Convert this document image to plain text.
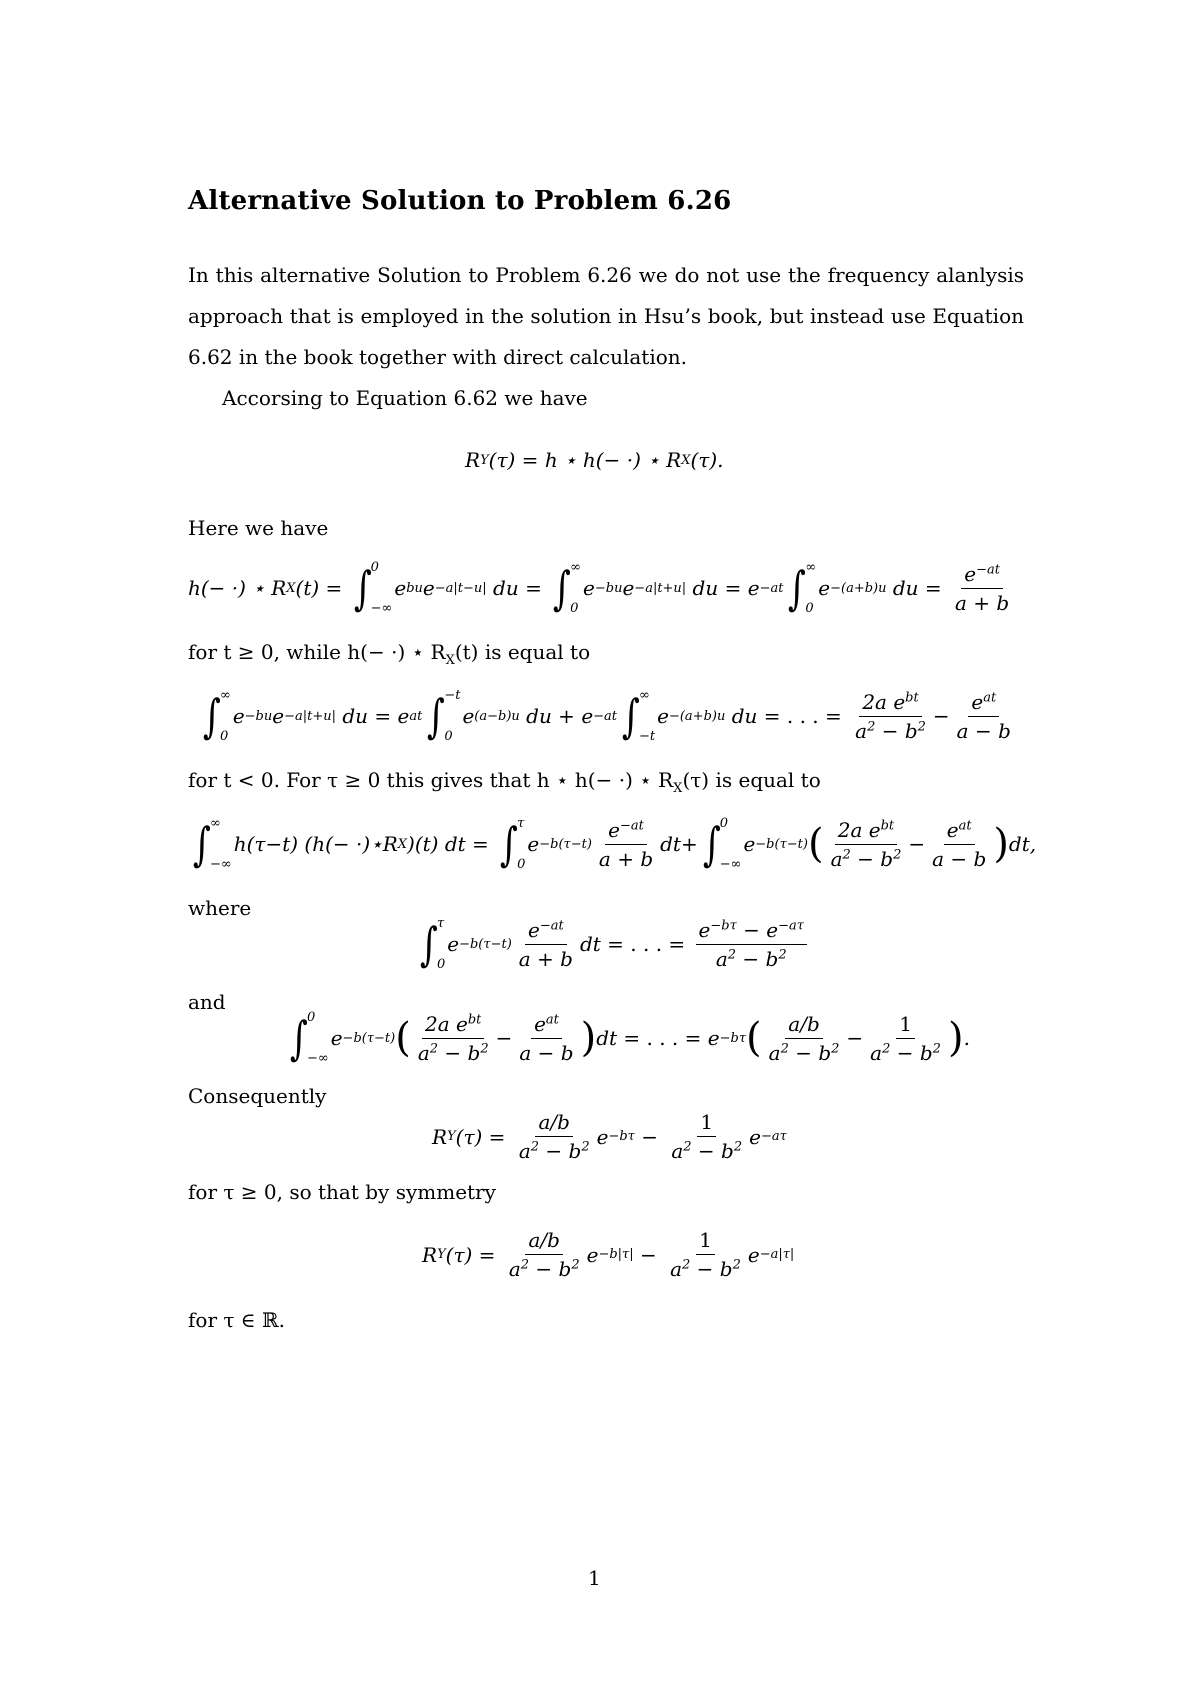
Alternative Solution to Problem 6.26
In this alternative Solution to Problem 6.26 we do not use the frequency alanlysis approach that is employed in the solution in Hsu’s book, but instead use Equation 6.62 in the book together with direct calculation.
Accorsing to Equation 6.62 we have
R Y (τ) = h ⋆ h(− ·) ⋆ R X (τ).

Here we have

h(− ·) ⋆ R X (t) = ∫
0
−∞
e bu e −a|t−u| du = ∫
∞
0
e −bu e −a|t+u| du = e −at ∫
∞
0
e −(a+b)u du = $\frac{e^{-at}}{a + b}$

for t ≥ 0, while h(− ·) ⋆ $R_X(t)$ is equal to

∫
∞
0
e −bu e −a|t+u| du = e at ∫
−t
0
e (a−b)u du + e −at ∫
∞
−t
e −(a+b)u du = . . . = $\frac{2a e^{bt}}{a^2 - b^2} - \frac{e^{at}}{a - b}$

for t < 0. For τ ≥ 0 this gives that h ⋆ h(− ·) ⋆ $R_X(\tau)$ is equal to

∫
∞
−∞
h(τ−t) (h(− ·)⋆R X )(t) dt = ∫
τ
0
$e -b(\tau-t) \frac{e^{-at}}{a + b}$ dt + ∫
0
−∞
e −b(τ−t) ( $\frac{2a e^{bt}}{a^2 - b^2} - \frac{e^{at}}{a - b}$ ) dt,

where

∫
τ
0
$e -b(\tau-t) \frac{e^{-at}}{a + b}$ dt = . . . = $\frac{e^{-b\tau} - e^{-a\tau}}{a^2 - b^2}$

and

∫
0
−∞
e −b(τ−t) ( $\frac{2a e^{bt}}{a^2 - b^2} - \frac{e^{at}}{a - b}$ ) dt = . . . = e −bτ ( $\frac{a/b}{a^2 - b^2} - \frac{1}{a^2 - b^2}$ ) .

Consequently

R Y $(\tau) = \frac{a/b}{a^2 - b^2}$ $e -b\tau - \frac{1}{a^2 - b^2}$ e −aτ

for τ ≥ 0, so that by symmetry

R Y $(\tau) = \frac{a/b}{a^2 - b^2}$ $e -b|\tau| - \frac{1}{a^2 - b^2}$ e −a|τ|

for τ ∈ ℝ.

1
